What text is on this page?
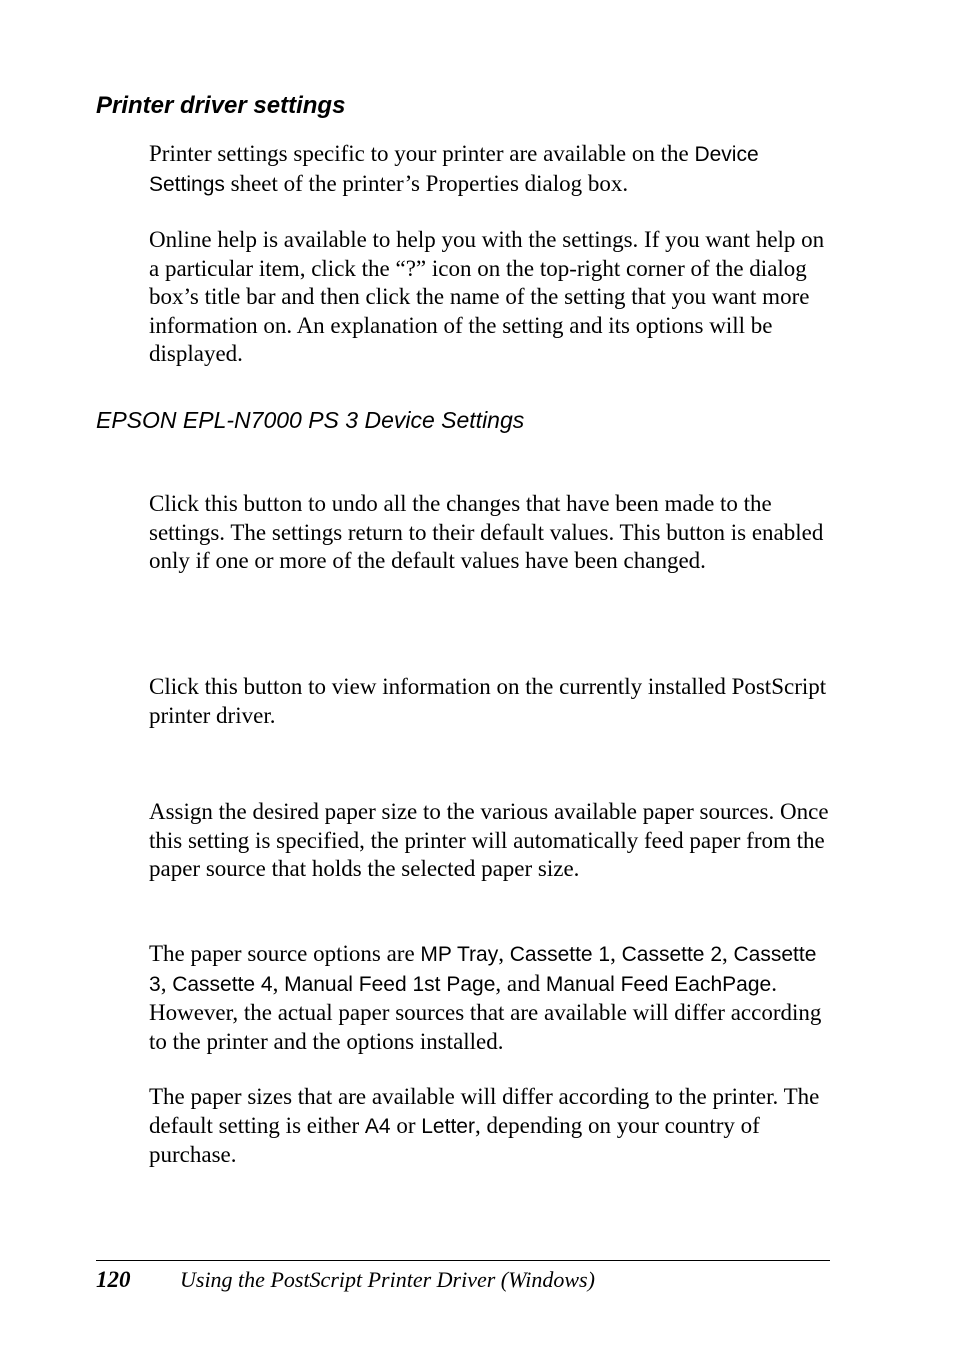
Printer driver settings

Printer settings specific to your printer are available on the Device Settings sheet of the printer’s Properties dialog box.

Online help is available to help you with the settings. If you want help on a particular item, click the “?” icon on the top-right corner of the dialog box’s title bar and then click the name of the setting that you want more information on. An explanation of the setting and its options will be displayed.

EPSON EPL-N7000 PS 3 Device Settings

Click this button to undo all the changes that have been made to the settings. The settings return to their default values. This button is enabled only if one or more of the default values have been changed.

Click this button to view information on the currently installed PostScript printer driver.

Assign the desired paper size to the various available paper sources. Once this setting is specified, the printer will automatically feed paper from the paper source that holds the selected paper size.

The paper source options are MP Tray, Cassette 1, Cassette 2, Cassette 3, Cassette 4, Manual Feed 1st Page, and Manual Feed EachPage. However, the actual paper sources that are available will differ according to the printer and the options installed.

The paper sizes that are available will differ according to the printer. The default setting is either A4 or Letter, depending on your country of purchase.

120 Using the PostScript Printer Driver (Windows)
